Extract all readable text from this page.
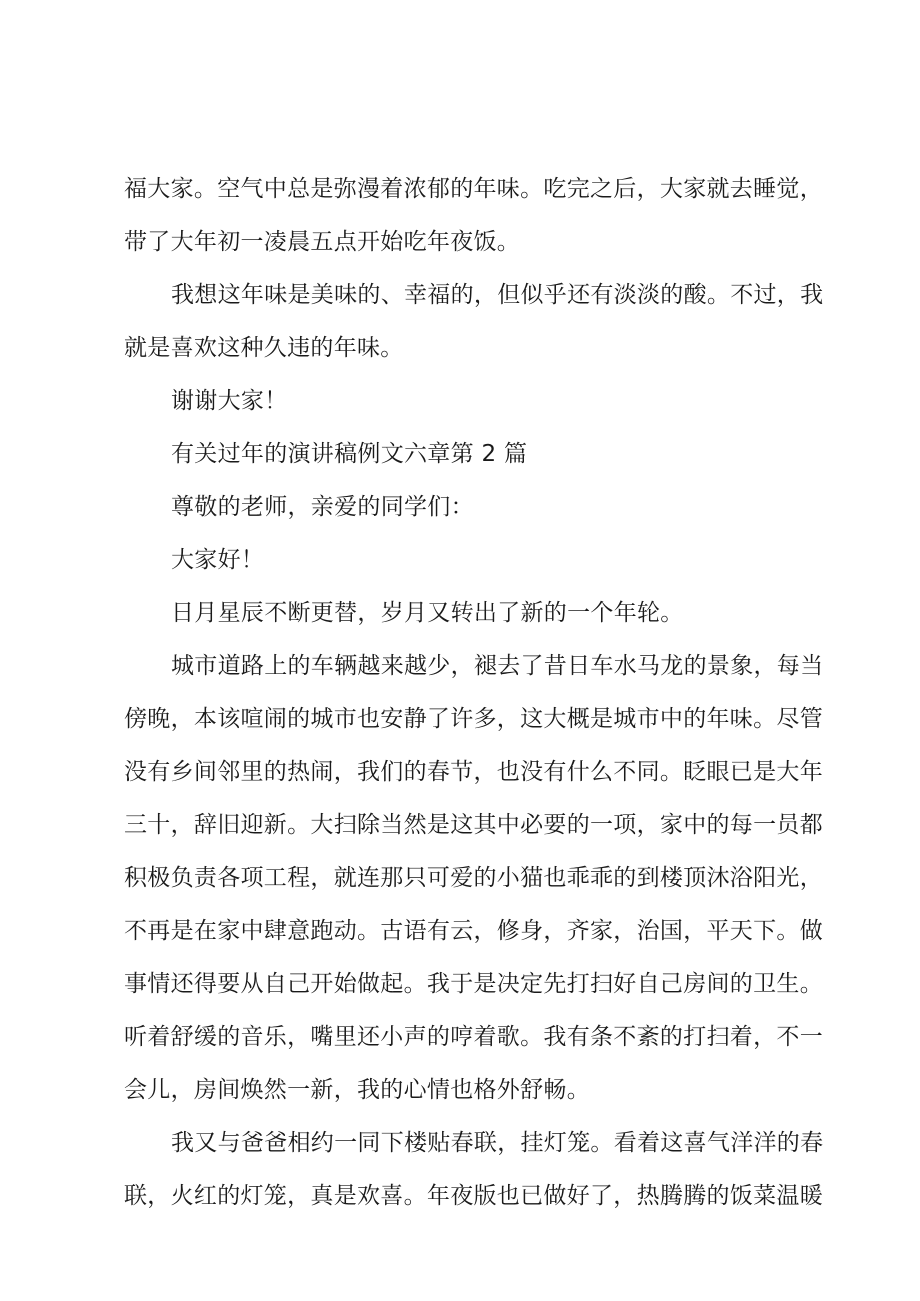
福大家。空气中总是弥漫着浓郁的年味。吃完之后，大家就去睡觉，
带了大年初一凌晨五点开始吃年夜饭。
我想这年味是美味的、幸福的，但似乎还有淡淡的酸。不过，我
就是喜欢这种久违的年味。
谢谢大家！
有关过年的演讲稿例文六章第 2 篇
尊敬的老师，亲爱的同学们：
大家好！
日月星辰不断更替，岁月又转出了新的一个年轮。
城市道路上的车辆越来越少，褪去了昔日车水马龙的景象，每当
傍晚，本该喧闹的城市也安静了许多，这大概是城市中的年味。尽管
没有乡间邻里的热闹，我们的春节，也没有什么不同。眨眼已是大年
三十，辞旧迎新。大扫除当然是这其中必要的一项，家中的每一员都
积极负责各项工程，就连那只可爱的小猫也乖乖的到楼顶沐浴阳光，
不再是在家中肆意跑动。古语有云，修身，齐家，治国，平天下。做
事情还得要从自己开始做起。我于是决定先打扫好自己房间的卫生。
听着舒缓的音乐，嘴里还小声的哼着歌。我有条不紊的打扫着，不一
会儿，房间焕然一新，我的心情也格外舒畅。
我又与爸爸相约一同下楼贴春联，挂灯笼。看着这喜气洋洋的春
联，火红的灯笼，真是欢喜。年夜版也已做好了，热腾腾的饭菜温暖
